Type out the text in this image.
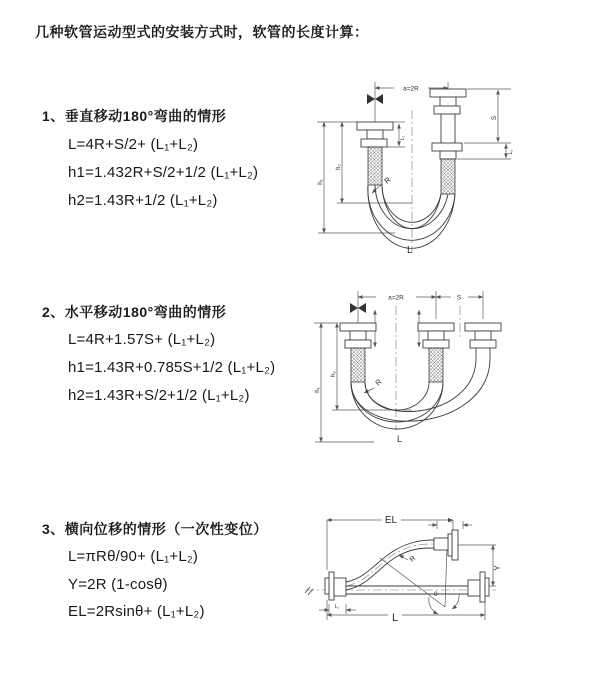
几种软管运动型式的安装方式时，软管的长度计算：
1、垂直移动180°弯曲的情形
L=4R+S/2+ (L₁+L₂)
h1=1.432R+S/2+1/2 (L₁+L₂)
h2=1.43R+1/2 (L₁+L₂)
a=2R
h₁
h₂
L₁
S
L₂
R
L
2、水平移动180°弯曲的情形
L=4R+1.57S+ (L₁+L₂)
h1=1.43R+0.785S+1/2 (L₁+L₂)
h2=1.43R+S/2+1/2 (L₁+L₂)
a=2R	S
h₁
h₂
R
L
3、横向位移的情形（一次性变位）
L=πRθ/90+ (L₁+L₂)
Y=2R (1-cosθ)
EL=2Rsinθ+ (L₁+L₂)
EL	L₂
Y
R
θ
L₁
L
